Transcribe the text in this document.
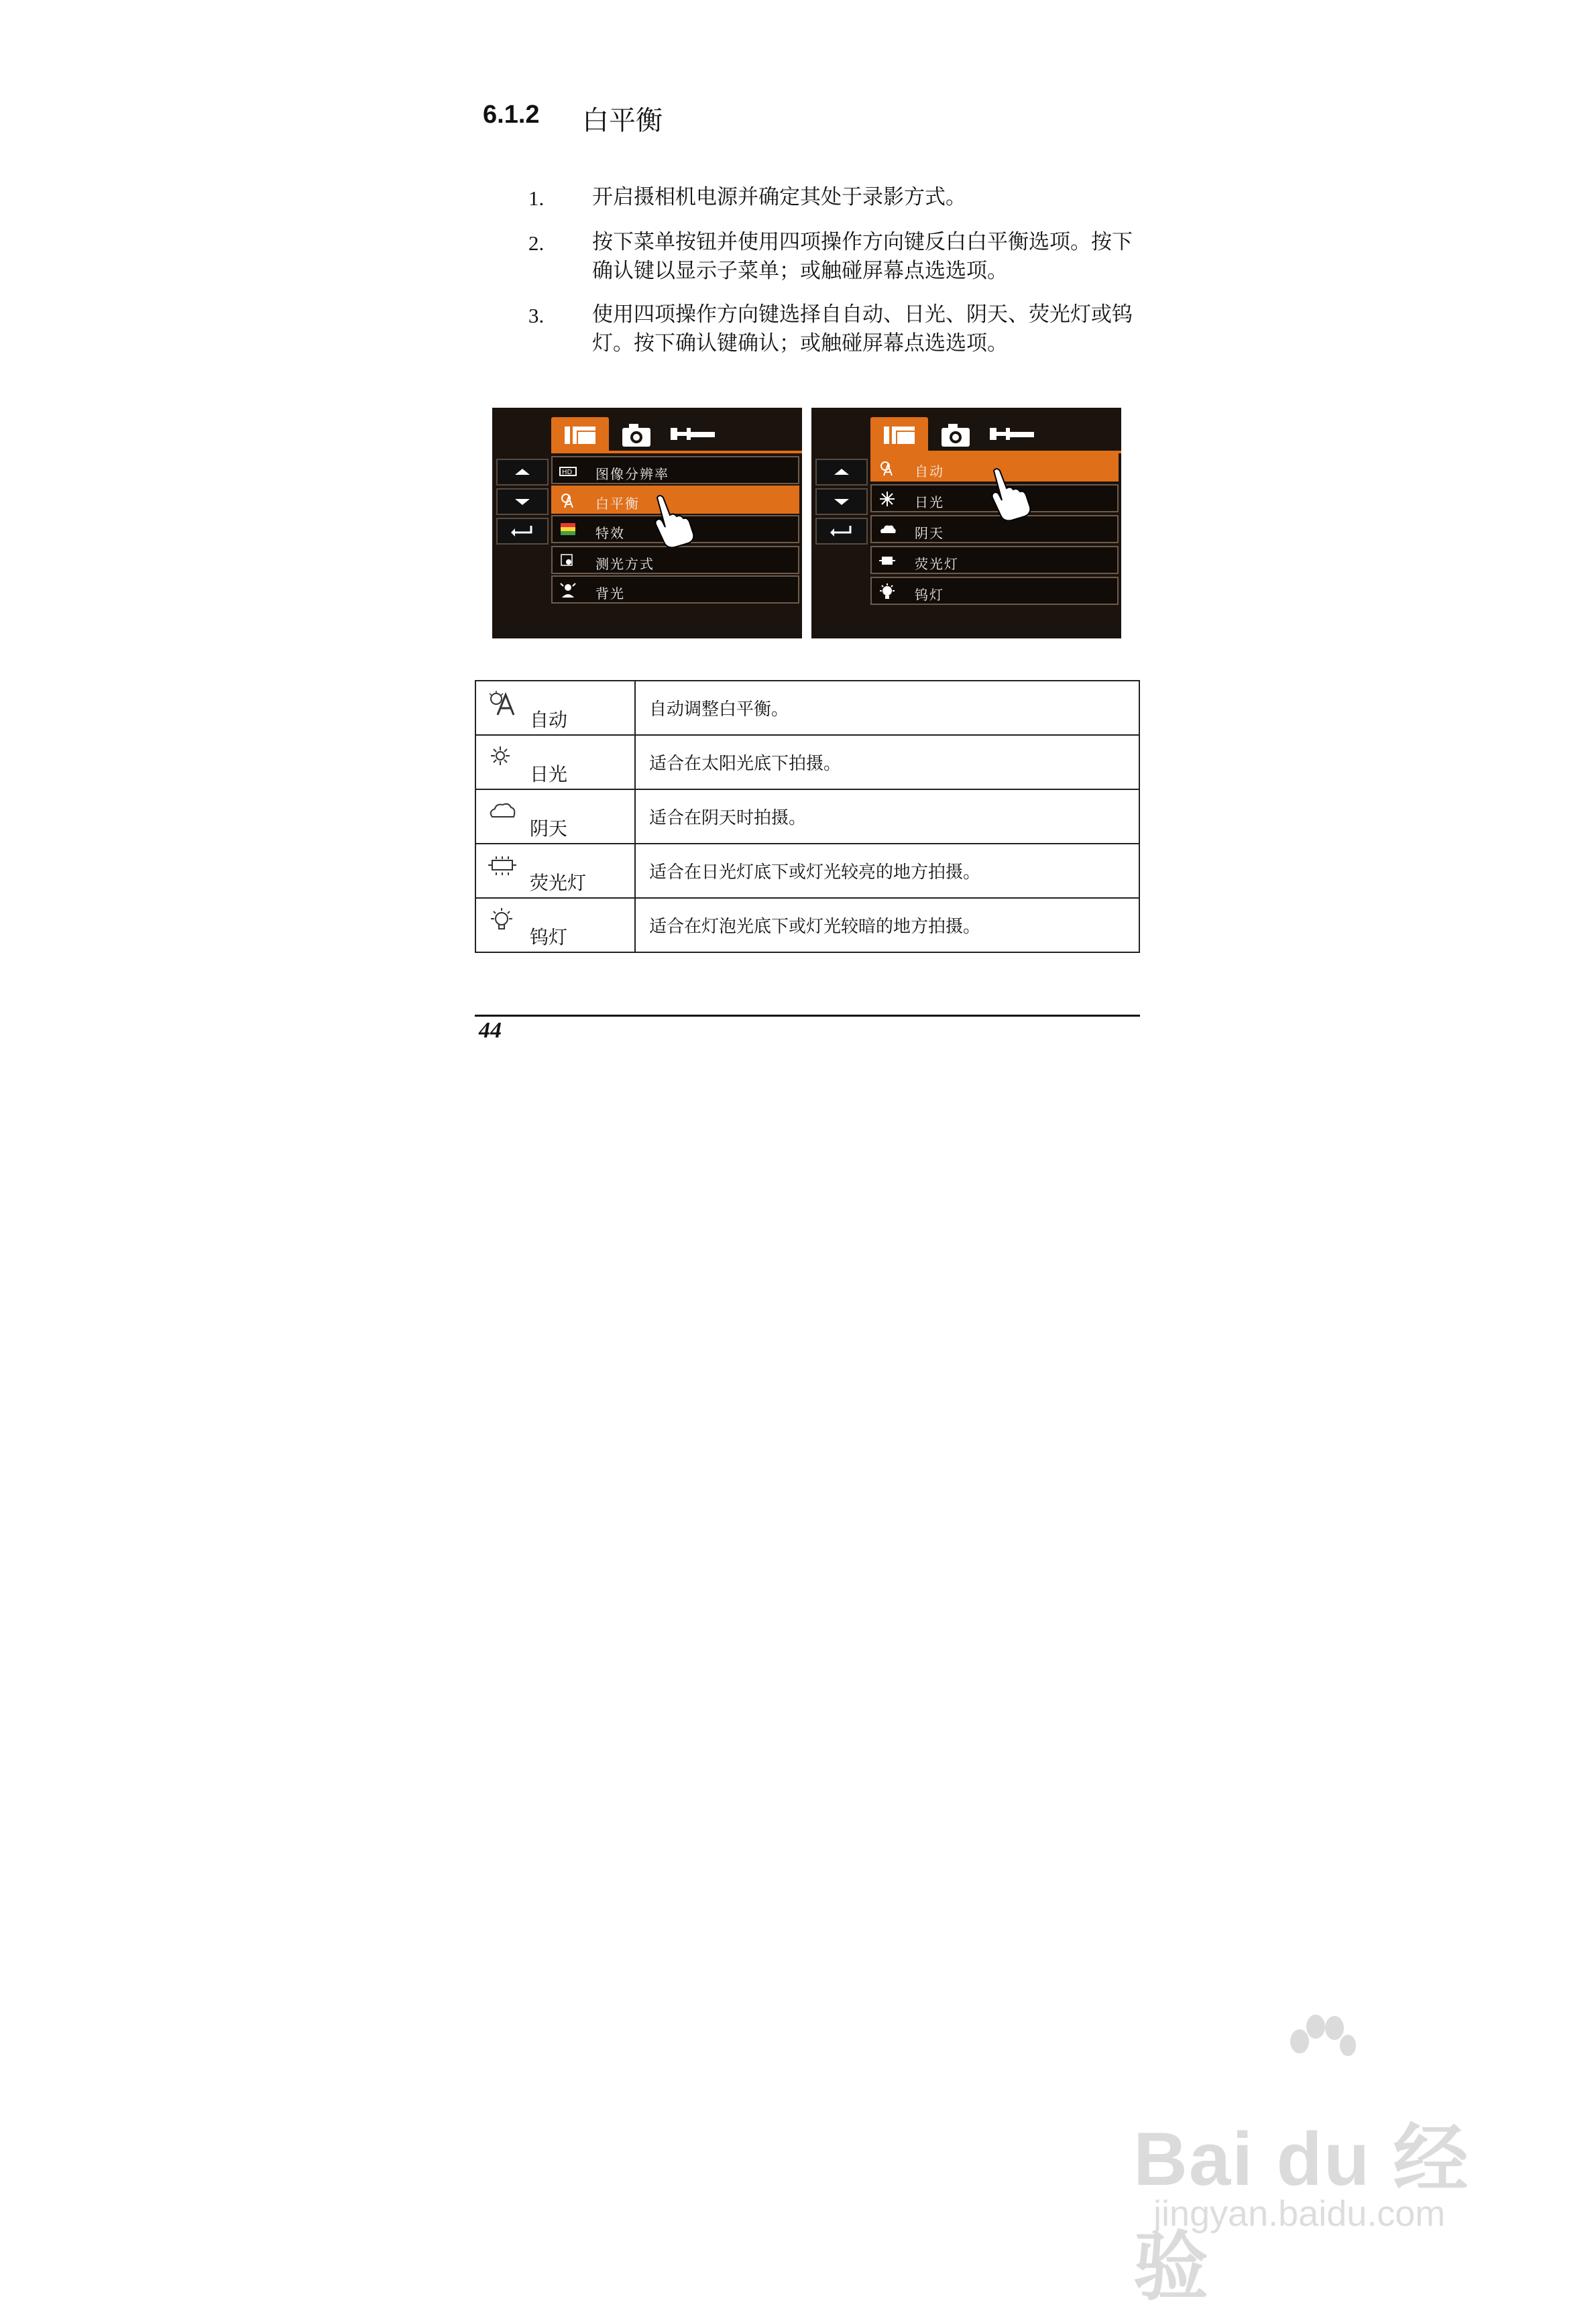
6.1.2 白平衡
1. 开启摄相机电源并确定其处于录影方式。
2. 按下菜单按钮并使用四项操作方向键反白白平衡选项。按下确认键以显示子菜单；或触碰屏幕点选选项。
3. 使用四项操作方向键选择自自动、日光、阴天、荧光灯或钨灯。按下确认键确认；或触碰屏幕点选选项。
HD 图像分辨率
白平衡
特效
测光方式
背光
自动
日光
阴天
荧光灯
钨灯
自动	自动调整白平衡。

日光	适合在太阳光底下拍摄。

阴天	适合在阴天时拍摄。

荧光灯	适合在日光灯底下或灯光较亮的地方拍摄。

钨灯	适合在灯泡光底下或灯光较暗的地方拍摄。
44
Bai du 经验
jingyan.baidu.com
